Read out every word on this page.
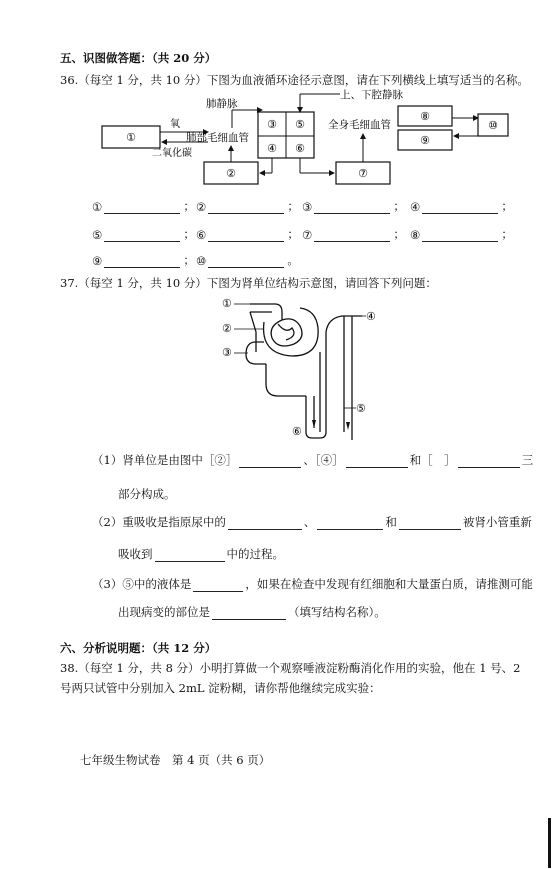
五、识图做答题：（共 20 分）
36.（每空 1 分，共 10 分）下图为血液循环途径示意图，请在下列横线上填写适当的名称。
①
氧
二氧化碳
肺部毛细血管
肺静脉
③ ⑤
④ ⑥
上、下腔静脉
②	⑦
全身毛细血管
⑧
⑨
⑩
①	； ②	； ③	； ④	；
⑤	； ⑥	； ⑦	； ⑧	；
⑨	； ⑩	。
37.（每空 1 分，共 10 分）下图为肾单位结构示意图，请回答下列问题：
①
②
③
④
⑤
⑥
（1）肾单位是由图中［②］	、［④］	和［　］	三
部分构成。
（2）重吸收是指原尿中的	、	和	被肾小管重新
吸收到	中的过程。
（3）⑤中的液体是	，如果在检查中发现有红细胞和大量蛋白质，请推测可能
出现病变的部位是	（填写结构名称）。
六、分析说明题：（共 12 分）
38.（每空 1 分，共 8 分）小明打算做一个观察唾液淀粉酶消化作用的实验，他在 1 号、2
号两只试管中分别加入 2mL 淀粉糊，请你帮他继续完成实验：
七年级生物试卷　第 4 页（共 6 页）
